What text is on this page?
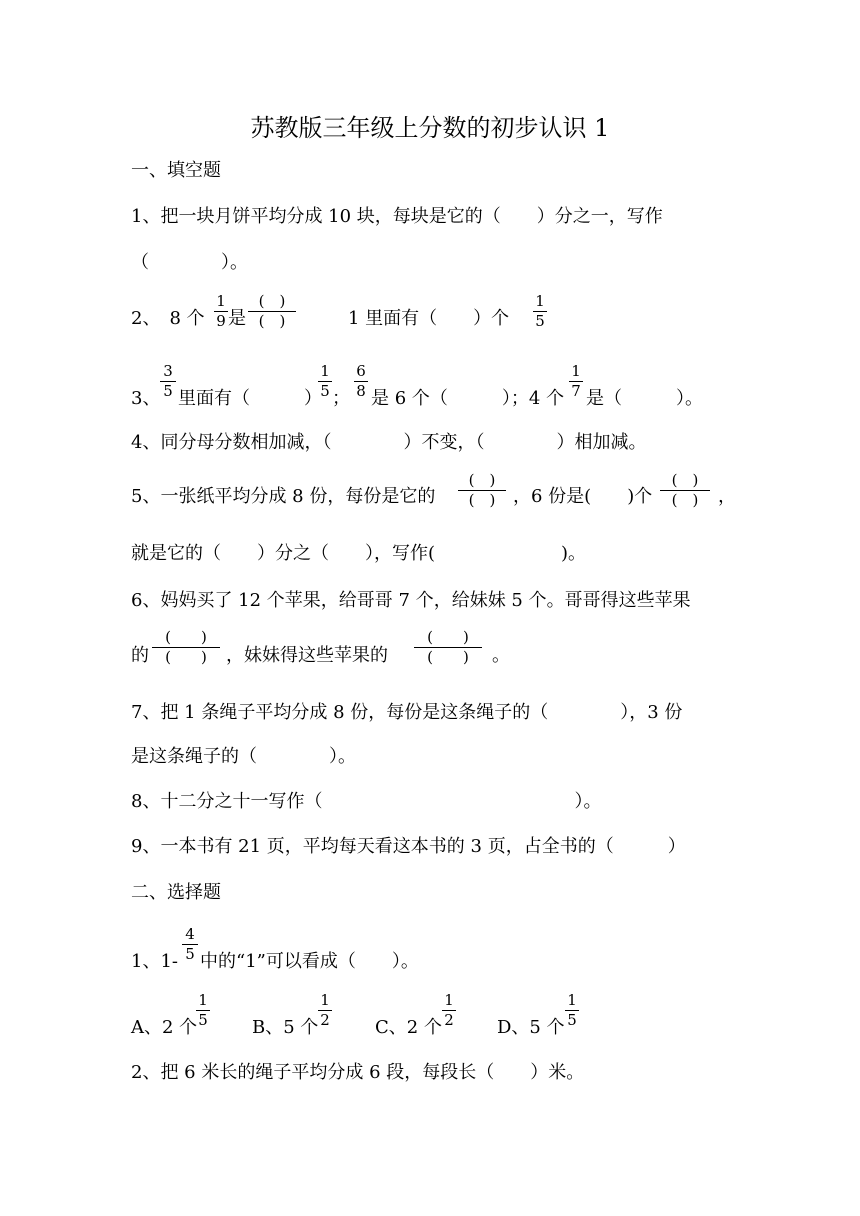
苏教版三年级上分数的初步认识 1
一、填空题
1、把一块月饼平均分成 10 块，每块是它的（　　）分之一，写作
（　　　　）。
2、　8 个
1
9 是
(　)
(　)	1 里面有（　　）个
1
5
3、
3
5 里面有（　　　）
1
5 ；
6
8 是 6 个（　　　）；4 个
1
7 是（　　　）。
4、同分母分数相加减，（　　　　）不变，（　　　　）相加减。
5、一张纸平均分成 8 份，每份是它的
(　)
(　) ，6 份是(　　)个
(　)
(　)	，
就是它的（　　）分之（　　），写作(　　　　　　　)。
6、妈妈买了 12 个苹果，给哥哥 7 个，给妹妹 5 个。哥哥得这些苹果
的
(　　)
(　　)	，妹妹得这些苹果的
(　　)
(　　)	。
7、把 1 条绳子平均分成 8 份，每份是这条绳子的（　　　　），3 份
是这条绳子的（　　　　）。
8、十二分之十一写作（　　　　　　　　　　　　　　）。
9、一本书有 21 页，平均每天看这本书的 3 页，占全书的（　　　）
二、选择题
1、1-
4
5 中的“1”可以看成（　　）。
A、2 个
1
5 B、5 个
1
2	C、2 个
1
2 D、5 个
1
5
2、把 6 米长的绳子平均分成 6 段，每段长（　　）米。
